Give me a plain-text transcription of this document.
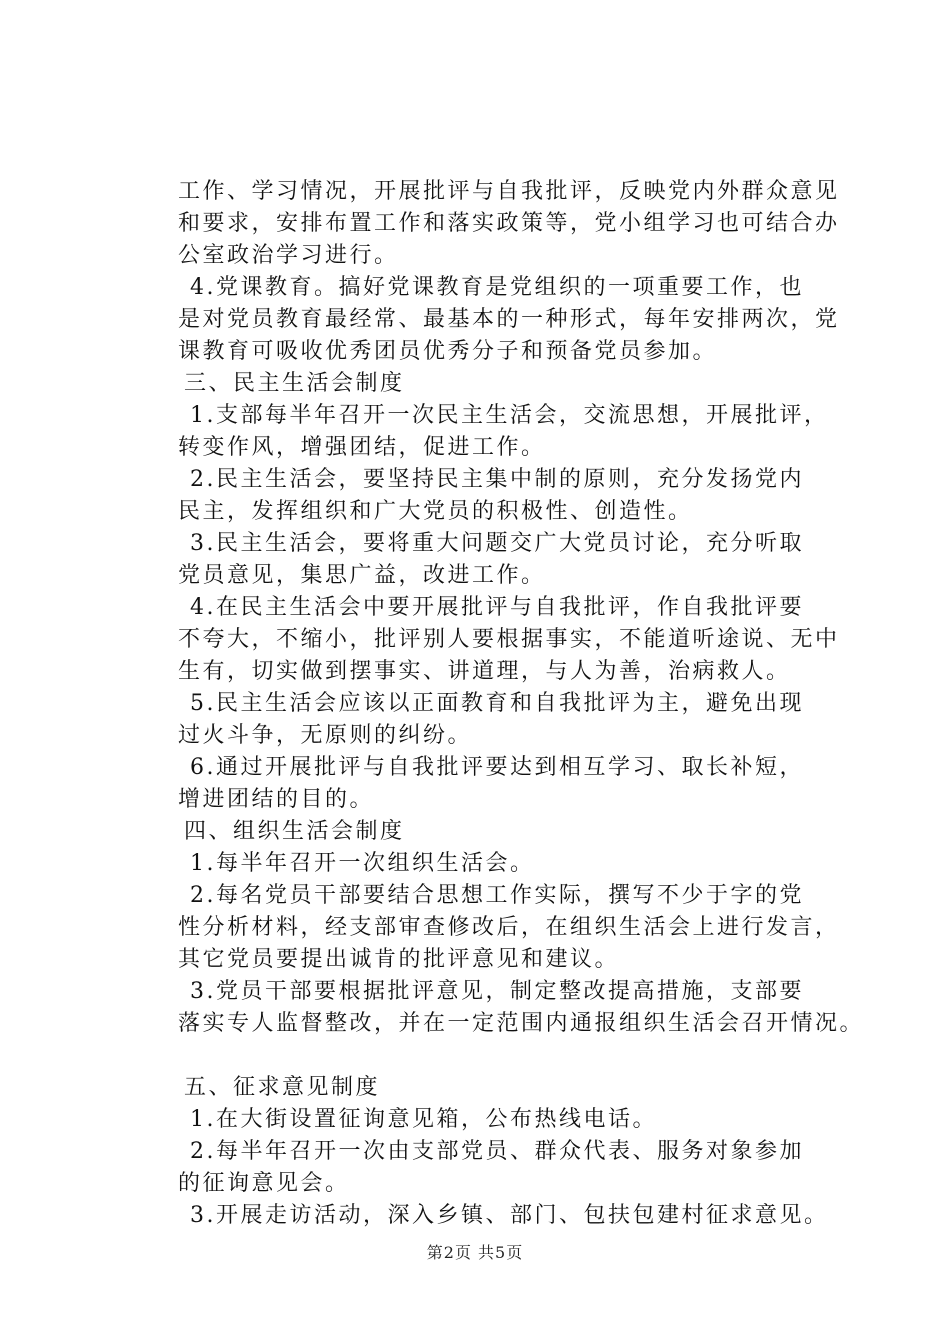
工作、学习情况，开展批评与自我批评，反映党内外群众意见
和要求，安排布置工作和落实政策等，党小组学习也可结合办
公室政治学习进行。

4.党课教育。搞好党课教育是党组织的一项重要工作，也
是对党员教育最经常、最基本的一种形式，每年安排两次，党
课教育可吸收优秀团员优秀分子和预备党员参加。

三、民主生活会制度

1.支部每半年召开一次民主生活会，交流思想，开展批评，
转变作风，增强团结，促进工作。

2.民主生活会，要坚持民主集中制的原则，充分发扬党内
民主，发挥组织和广大党员的积极性、创造性。

3.民主生活会，要将重大问题交广大党员讨论，充分听取
党员意见，集思广益，改进工作。

4.在民主生活会中要开展批评与自我批评，作自我批评要
不夸大，不缩小，批评别人要根据事实，不能道听途说、无中
生有，切实做到摆事实、讲道理，与人为善，治病救人。

5.民主生活会应该以正面教育和自我批评为主，避免出现
过火斗争，无原则的纠纷。

6.通过开展批评与自我批评要达到相互学习、取长补短，
增进团结的目的。

四、组织生活会制度

1.每半年召开一次组织生活会。

2.每名党员干部要结合思想工作实际，撰写不少于字的党
性分析材料，经支部审查修改后，在组织生活会上进行发言，
其它党员要提出诚肯的批评意见和建议。

3.党员干部要根据批评意见，制定整改提高措施，支部要
落实专人监督整改，并在一定范围内通报组织生活会召开情况。

五、征求意见制度

1.在大街设置征询意见箱，公布热线电话。

2.每半年召开一次由支部党员、群众代表、服务对象参加
的征询意见会。

3.开展走访活动，深入乡镇、部门、包扶包建村征求意见。

第2页 共5页
